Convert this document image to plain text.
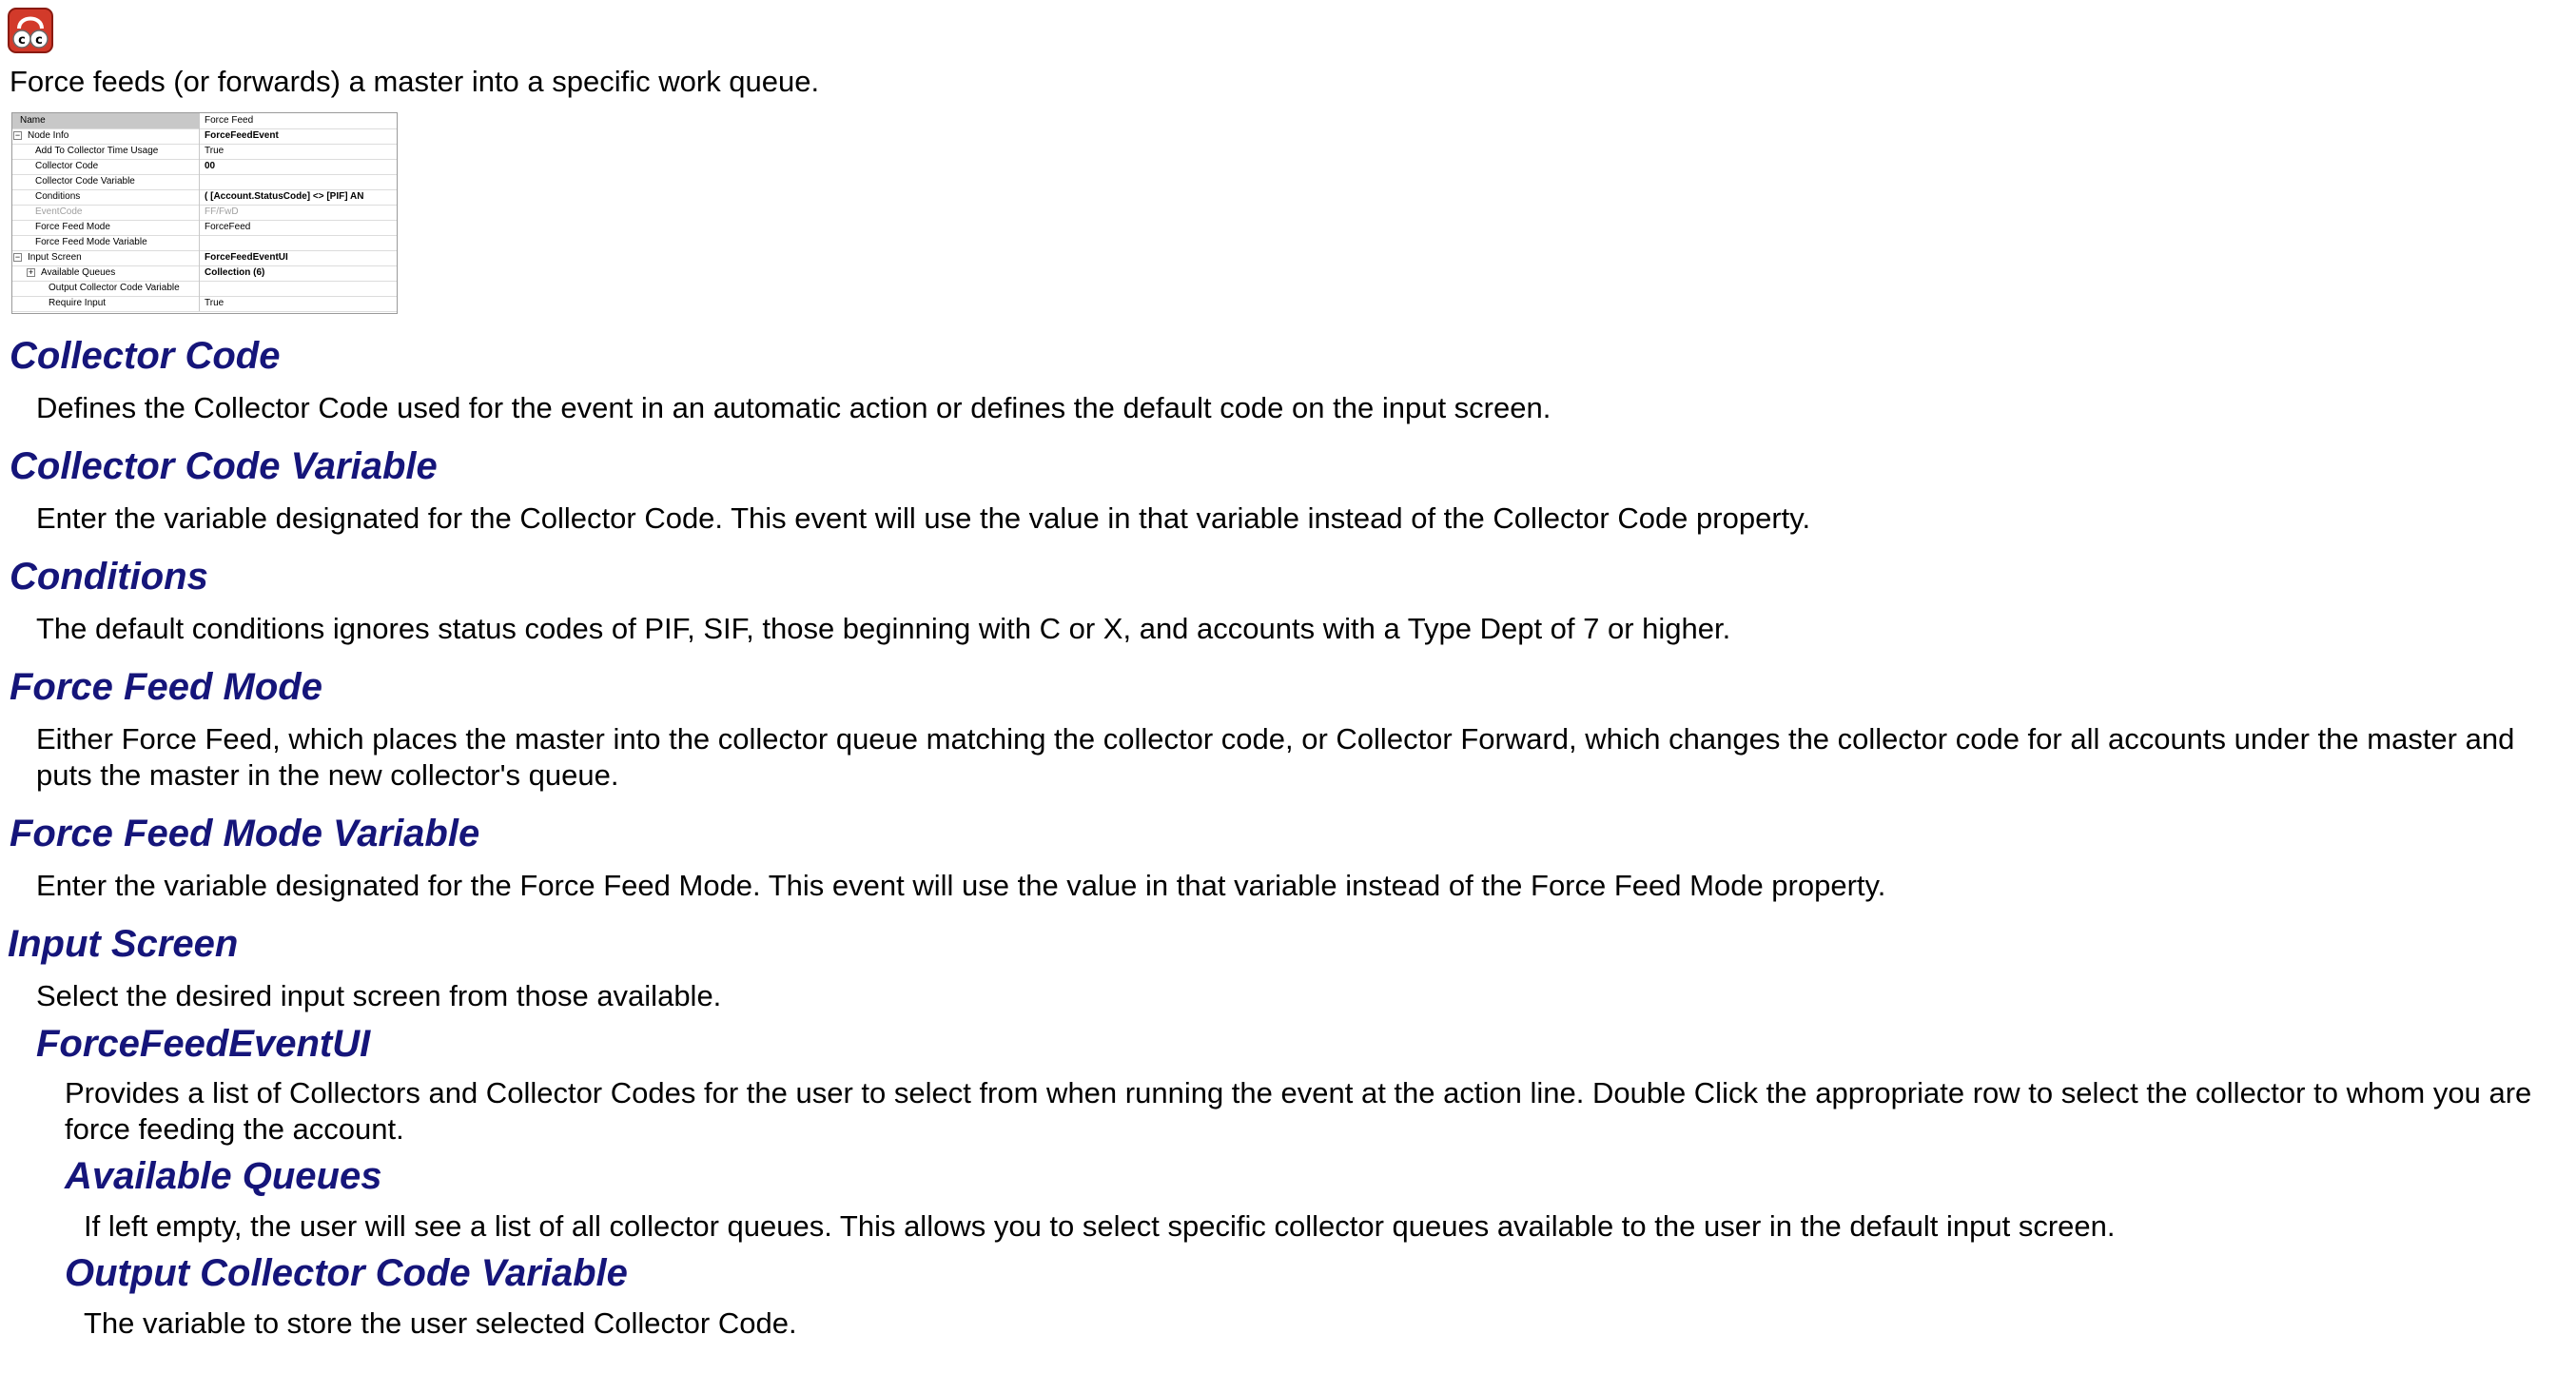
c c
Force feeds (or forwards) a master into a specific work queue.
Name	Force Feed
− Node Info	ForceFeedEvent
Add To Collector Time Usage	True
Collector Code	00
Collector Code Variable
Conditions	( [Account.StatusCode] <> [PIF] AN
EventCode	FF/FwD
Force Feed Mode	ForceFeed
Force Feed Mode Variable
− Input Screen	ForceFeedEventUI
+ Available Queues	Collection (6)
Output Collector Code Variable
Require Input	True
Collector Code
Defines the Collector Code used for the event in an automatic action or defines the default code on the input screen.
Collector Code Variable
Enter the variable designated for the Collector Code. This event will use the value in that variable instead of the Collector Code property.
Conditions
The default conditions ignores status codes of PIF, SIF, those beginning with C or X, and accounts with a Type Dept of 7 or higher.
Force Feed Mode
Either Force Feed, which places the master into the collector queue matching the collector code, or Collector Forward, which changes the collector code for all accounts under the master and puts the master in the new collector's queue.
Force Feed Mode Variable
Enter the variable designated for the Force Feed Mode. This event will use the value in that variable instead of the Force Feed Mode property.
Input Screen
Select the desired input screen from those available.
ForceFeedEventUI
Provides a list of Collectors and Collector Codes for the user to select from when running the event at the action line. Double Click the appropriate row to select the collector to whom you are force feeding the account.
Available Queues
If left empty, the user will see a list of all collector queues. This allows you to select specific collector queues available to the user in the default input screen.
Output Collector Code Variable
The variable to store the user selected Collector Code.
